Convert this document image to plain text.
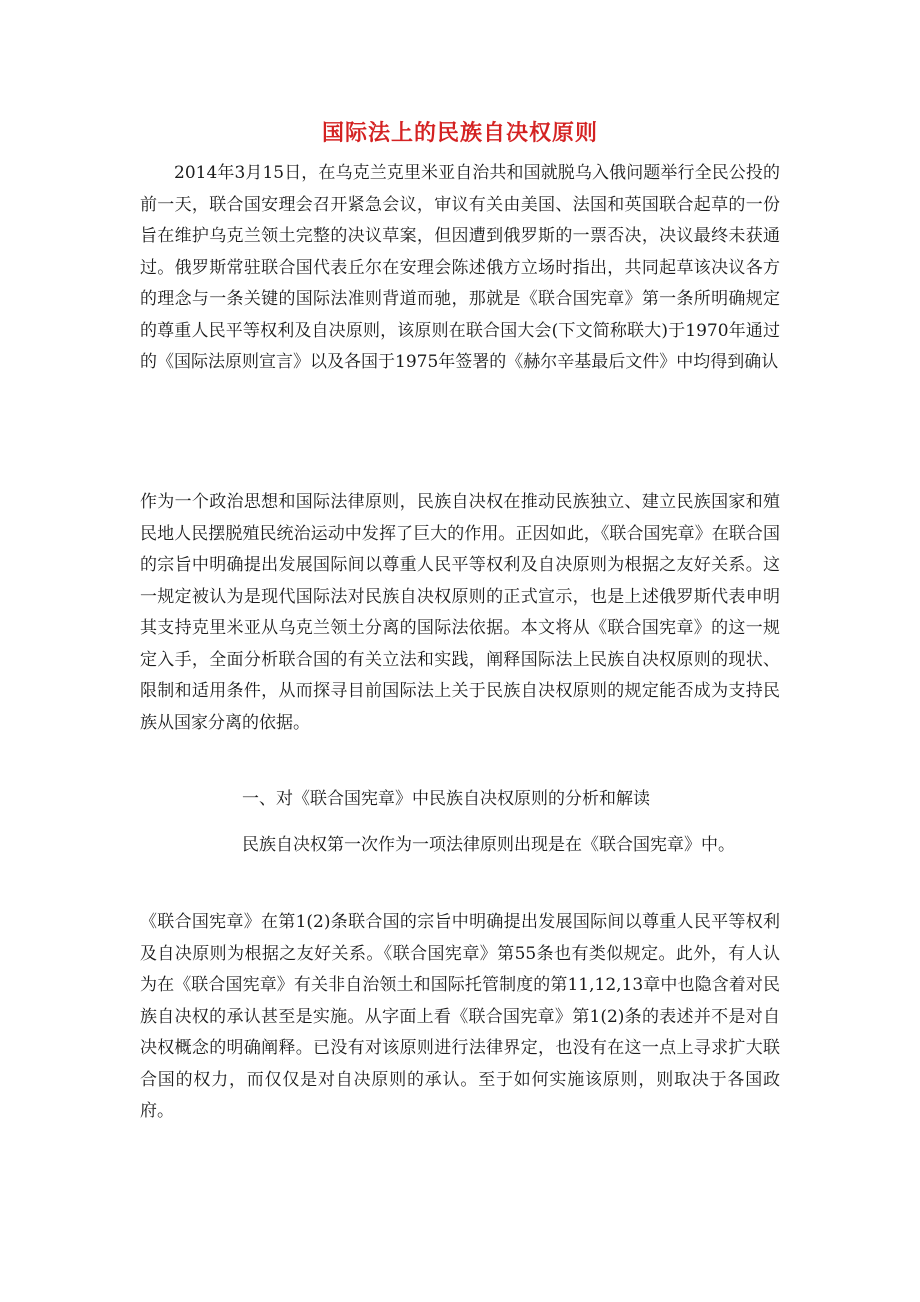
国际法上的民族自决权原则

2014年3月15日，在乌克兰克里米亚自治共和国就脱乌入俄问题举行全民公投的前一天，联合国安理会召开紧急会议，审议有关由美国、法国和英国联合起草的一份旨在维护乌克兰领土完整的决议草案，但因遭到俄罗斯的一票否决，决议最终未获通过。俄罗斯常驻联合国代表丘尔在安理会陈述俄方立场时指出，共同起草该决议各方的理念与一条关键的国际法准则背道而驰，那就是《联合国宪章》第一条所明确规定的尊重人民平等权利及自决原则，该原则在联合国大会(下文简称联大)于1970年通过的《国际法原则宣言》以及各国于1975年签署的《赫尔辛基最后文件》中均得到确认

作为一个政治思想和国际法律原则，民族自决权在推动民族独立、建立民族国家和殖民地人民摆脱殖民统治运动中发挥了巨大的作用。正因如此，《联合国宪章》在联合国的宗旨中明确提出发展国际间以尊重人民平等权利及自决原则为根据之友好关系。这一规定被认为是现代国际法对民族自决权原则的正式宣示，也是上述俄罗斯代表申明其支持克里米亚从乌克兰领土分离的国际法依据。本文将从《联合国宪章》的这一规定入手，全面分析联合国的有关立法和实践，阐释国际法上民族自决权原则的现状、限制和适用条件，从而探寻目前国际法上关于民族自决权原则的规定能否成为支持民族从国家分离的依据。

一、对《联合国宪章》中民族自决权原则的分析和解读

民族自决权第一次作为一项法律原则出现是在《联合国宪章》中。

《联合国宪章》在第1(2)条联合国的宗旨中明确提出发展国际间以尊重人民平等权利及自决原则为根据之友好关系。《联合国宪章》第55条也有类似规定。此外，有人认为在《联合国宪章》有关非自治领土和国际托管制度的第11,12,13章中也隐含着对民族自决权的承认甚至是实施。从字面上看《联合国宪章》第1(2)条的表述并不是对自决权概念的明确阐释。已没有对该原则进行法律界定，也没有在这一点上寻求扩大联合国的权力，而仅仅是对自决原则的承认。至于如何实施该原则，则取决于各国政府。
